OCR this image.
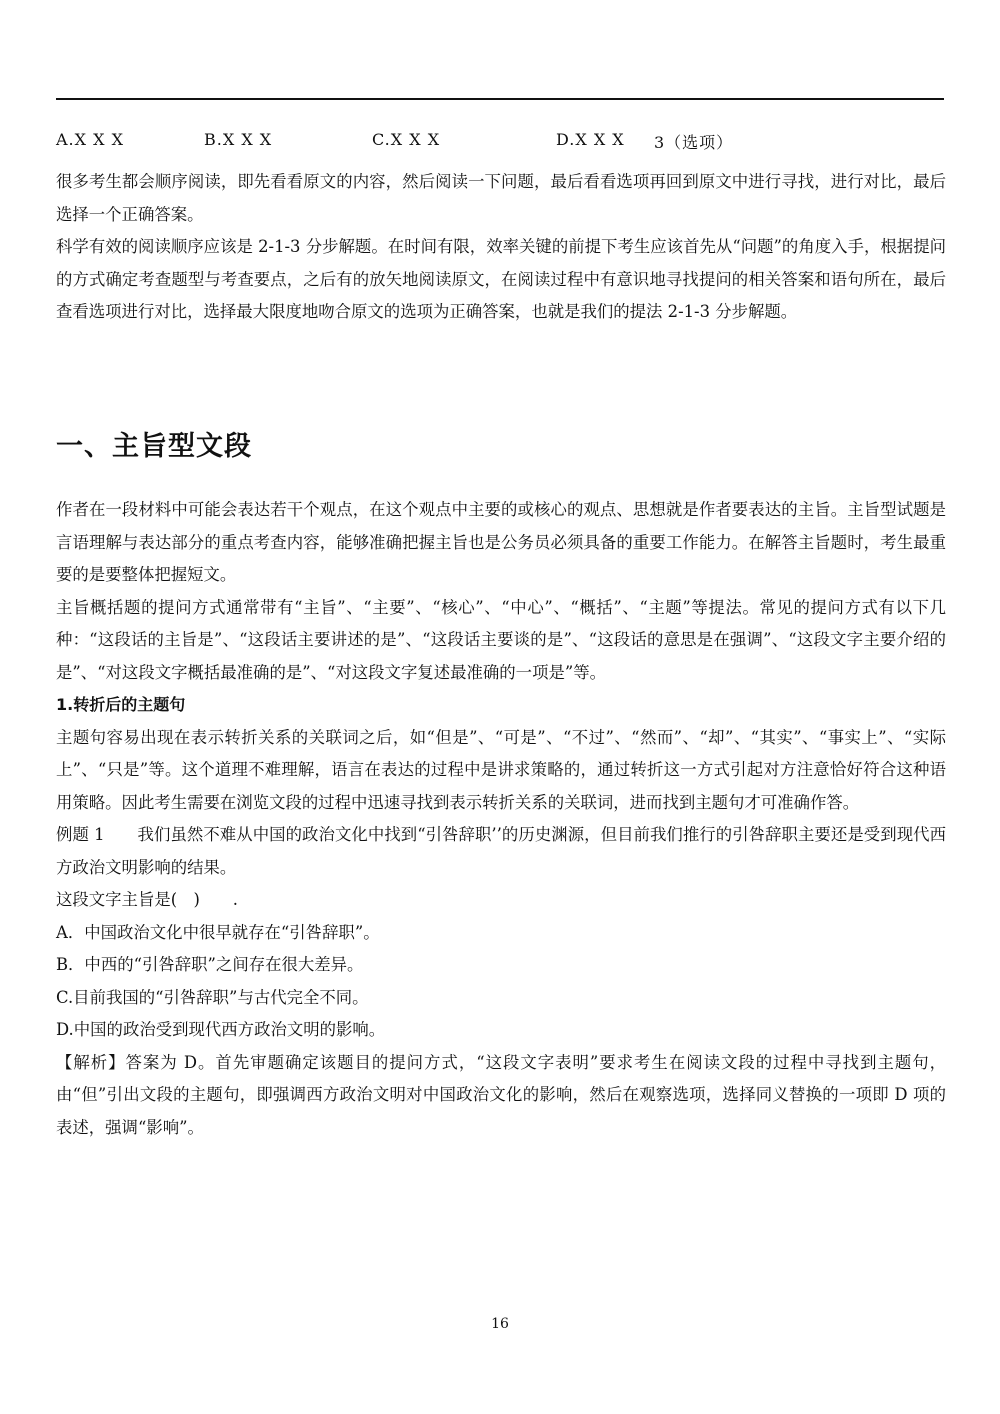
A.X X X	B.X X X	C.X X X	D.X X X 3（选项）

很多考生都会顺序阅读，即先看看原文的内容，然后阅读一下问题，最后看看选项再回到原文中进行寻找，进行对比，最后选择一个正确答案。

科学有效的阅读顺序应该是 2-1-3 分步解题。在时间有限，效率关键的前提下考生应该首先从“问题”的角度入手，根据提问的方式确定考查题型与考查要点，之后有的放矢地阅读原文，在阅读过程中有意识地寻找提问的相关答案和语句所在，最后查看选项进行对比，选择最大限度地吻合原文的选项为正确答案，也就是我们的提法 2-1-3 分步解题。

一、主旨型文段

作者在一段材料中可能会表达若干个观点，在这个观点中主要的或核心的观点、思想就是作者要表达的主旨。主旨型试题是言语理解与表达部分的重点考查内容，能够准确把握主旨也是公务员必须具备的重要工作能力。在解答主旨题时，考生最重要的是要整体把握短文。

主旨概括题的提问方式通常带有“主旨”、“主要”、“核心”、“中心”、“概括”、“主题”等提法。常见的提问方式有以下几种：“这段话的主旨是”、“这段话主要讲述的是”、“这段话主要谈的是”、“这段话的意思是在强调”、“这段文字主要介绍的是”、“对这段文字概括最准确的是”、“对这段文字复述最准确的一项是”等。

1.转折后的主题句

主题句容易出现在表示转折关系的关联词之后，如“但是”、“可是”、“不过”、“然而”、“却”、“其实”、“事实上”、“实际上”、“只是”等。这个道理不难理解，语言在表达的过程中是讲求策略的，通过转折这一方式引起对方注意恰好符合这种语用策略。因此考生需要在浏览文段的过程中迅速寻找到表示转折关系的关联词，进而找到主题句才可准确作答。

例题 1　　我们虽然不难从中国的政治文化中找到“引咎辞职’’的历史渊源，但目前我们推行的引咎辞职主要还是受到现代西方政治文明影响的结果。

这段文字主旨是(　)　　.

A．中国政治文化中很早就存在“引咎辞职”。

B．中西的“引咎辞职”之间存在很大差异。

C.目前我国的“引咎辞职”与古代完全不同。

D.中国的政治受到现代西方政治文明的影响。

【解析】答案为 D。首先审题确定该题目的提问方式，“这段文字表明”要求考生在阅读文段的过程中寻找到主题句，由“但”引出文段的主题句，即强调西方政治文明对中国政治文化的影响，然后在观察选项，选择同义替换的一项即 D 项的表述，强调“影响”。

16
